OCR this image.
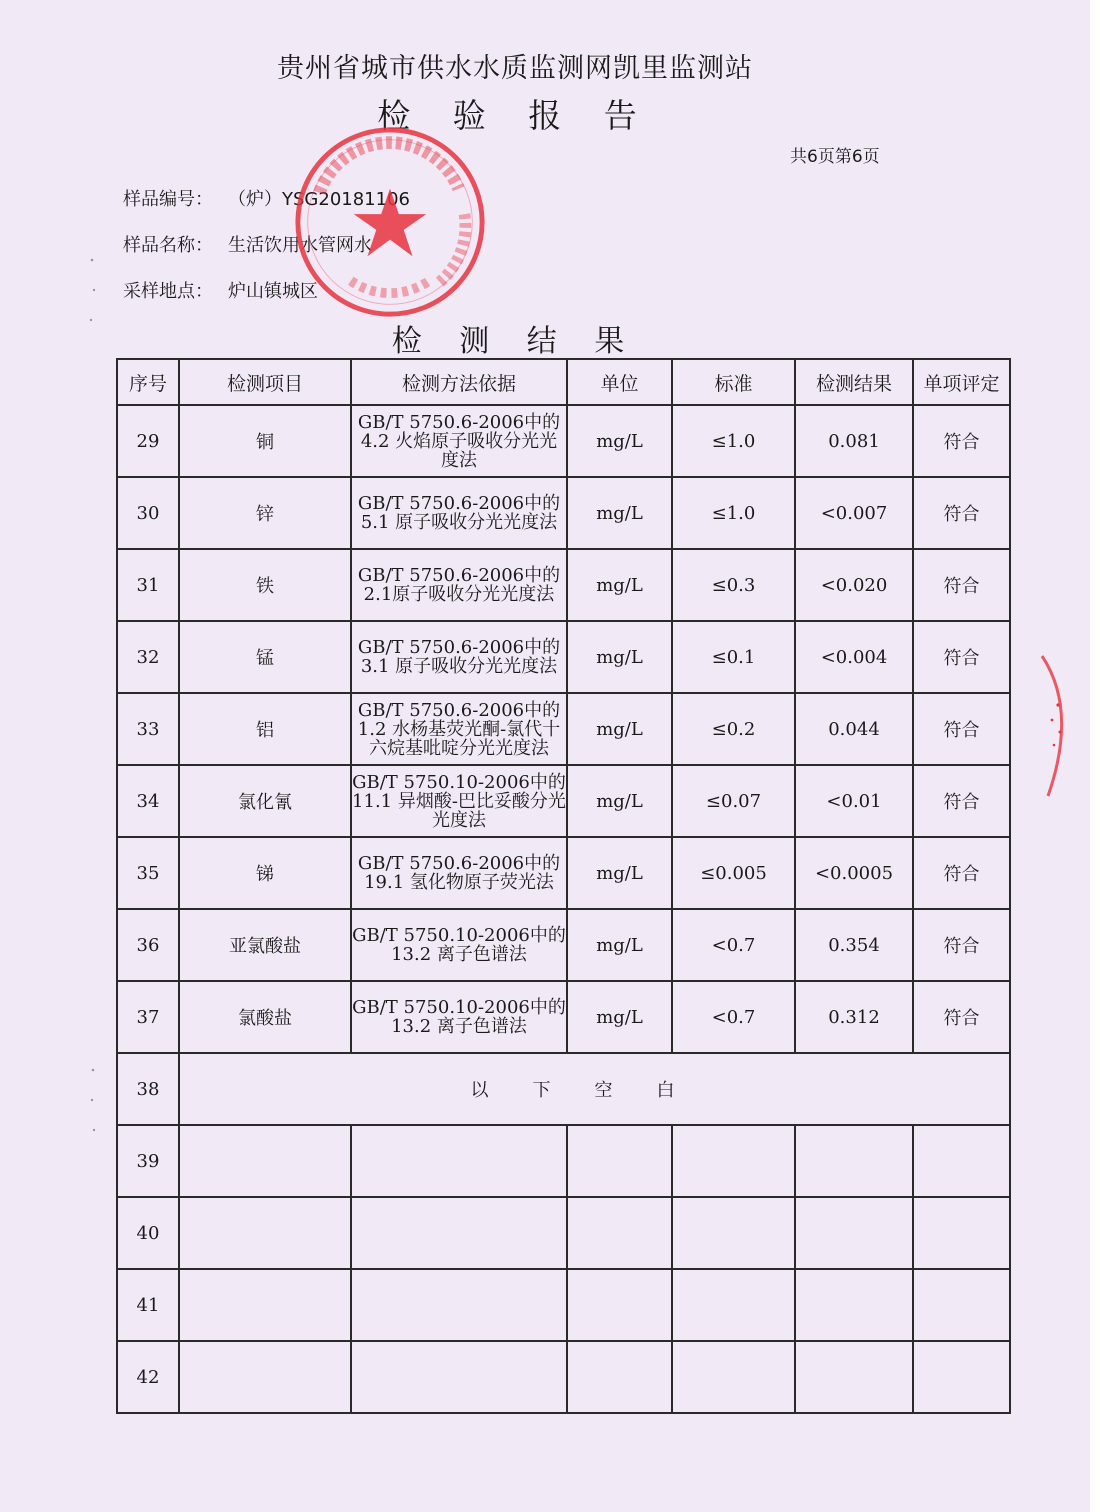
贵州省城市供水水质监测网凯里监测站
检 验 报 告
共6页第6页
样品编号： （炉）YSG20181106
样品名称： 生活饮用水管网水
采样地点： 炉山镇城区
检 测 结 果
序号	检测项目	检测方法依据	单位	标准	检测结果	单项评定
29	铜	GB/T 5750.6-2006中的4.2 火焰原子吸收分光光度法	mg/L	≤1.0	0.081	符合
30	锌	GB/T 5750.6-2006中的5.1 原子吸收分光光度法	mg/L	≤1.0	<0.007	符合
31	铁	GB/T 5750.6-2006中的2.1原子吸收分光光度法	mg/L	≤0.3	<0.020	符合
32	锰	GB/T 5750.6-2006中的3.1 原子吸收分光光度法	mg/L	≤0.1	<0.004	符合
33	铝	GB/T 5750.6-2006中的1.2 水杨基荧光酮-氯代十六烷基吡啶分光光度法	mg/L	≤0.2	0.044	符合
34	氯化氰	GB/T 5750.10-2006中的11.1 异烟酸-巴比妥酸分光光度法	mg/L	≤0.07	<0.01	符合
35	锑	GB/T 5750.6-2006中的19.1 氢化物原子荧光法	mg/L	≤0.005	<0.0005	符合
36	亚氯酸盐	GB/T 5750.10-2006中的13.2 离子色谱法	mg/L	<0.7	0.354	符合
37	氯酸盐	GB/T 5750.10-2006中的13.2 离子色谱法	mg/L	<0.7	0.312	符合
38	以下空白					
39						
40						
41						
42						
